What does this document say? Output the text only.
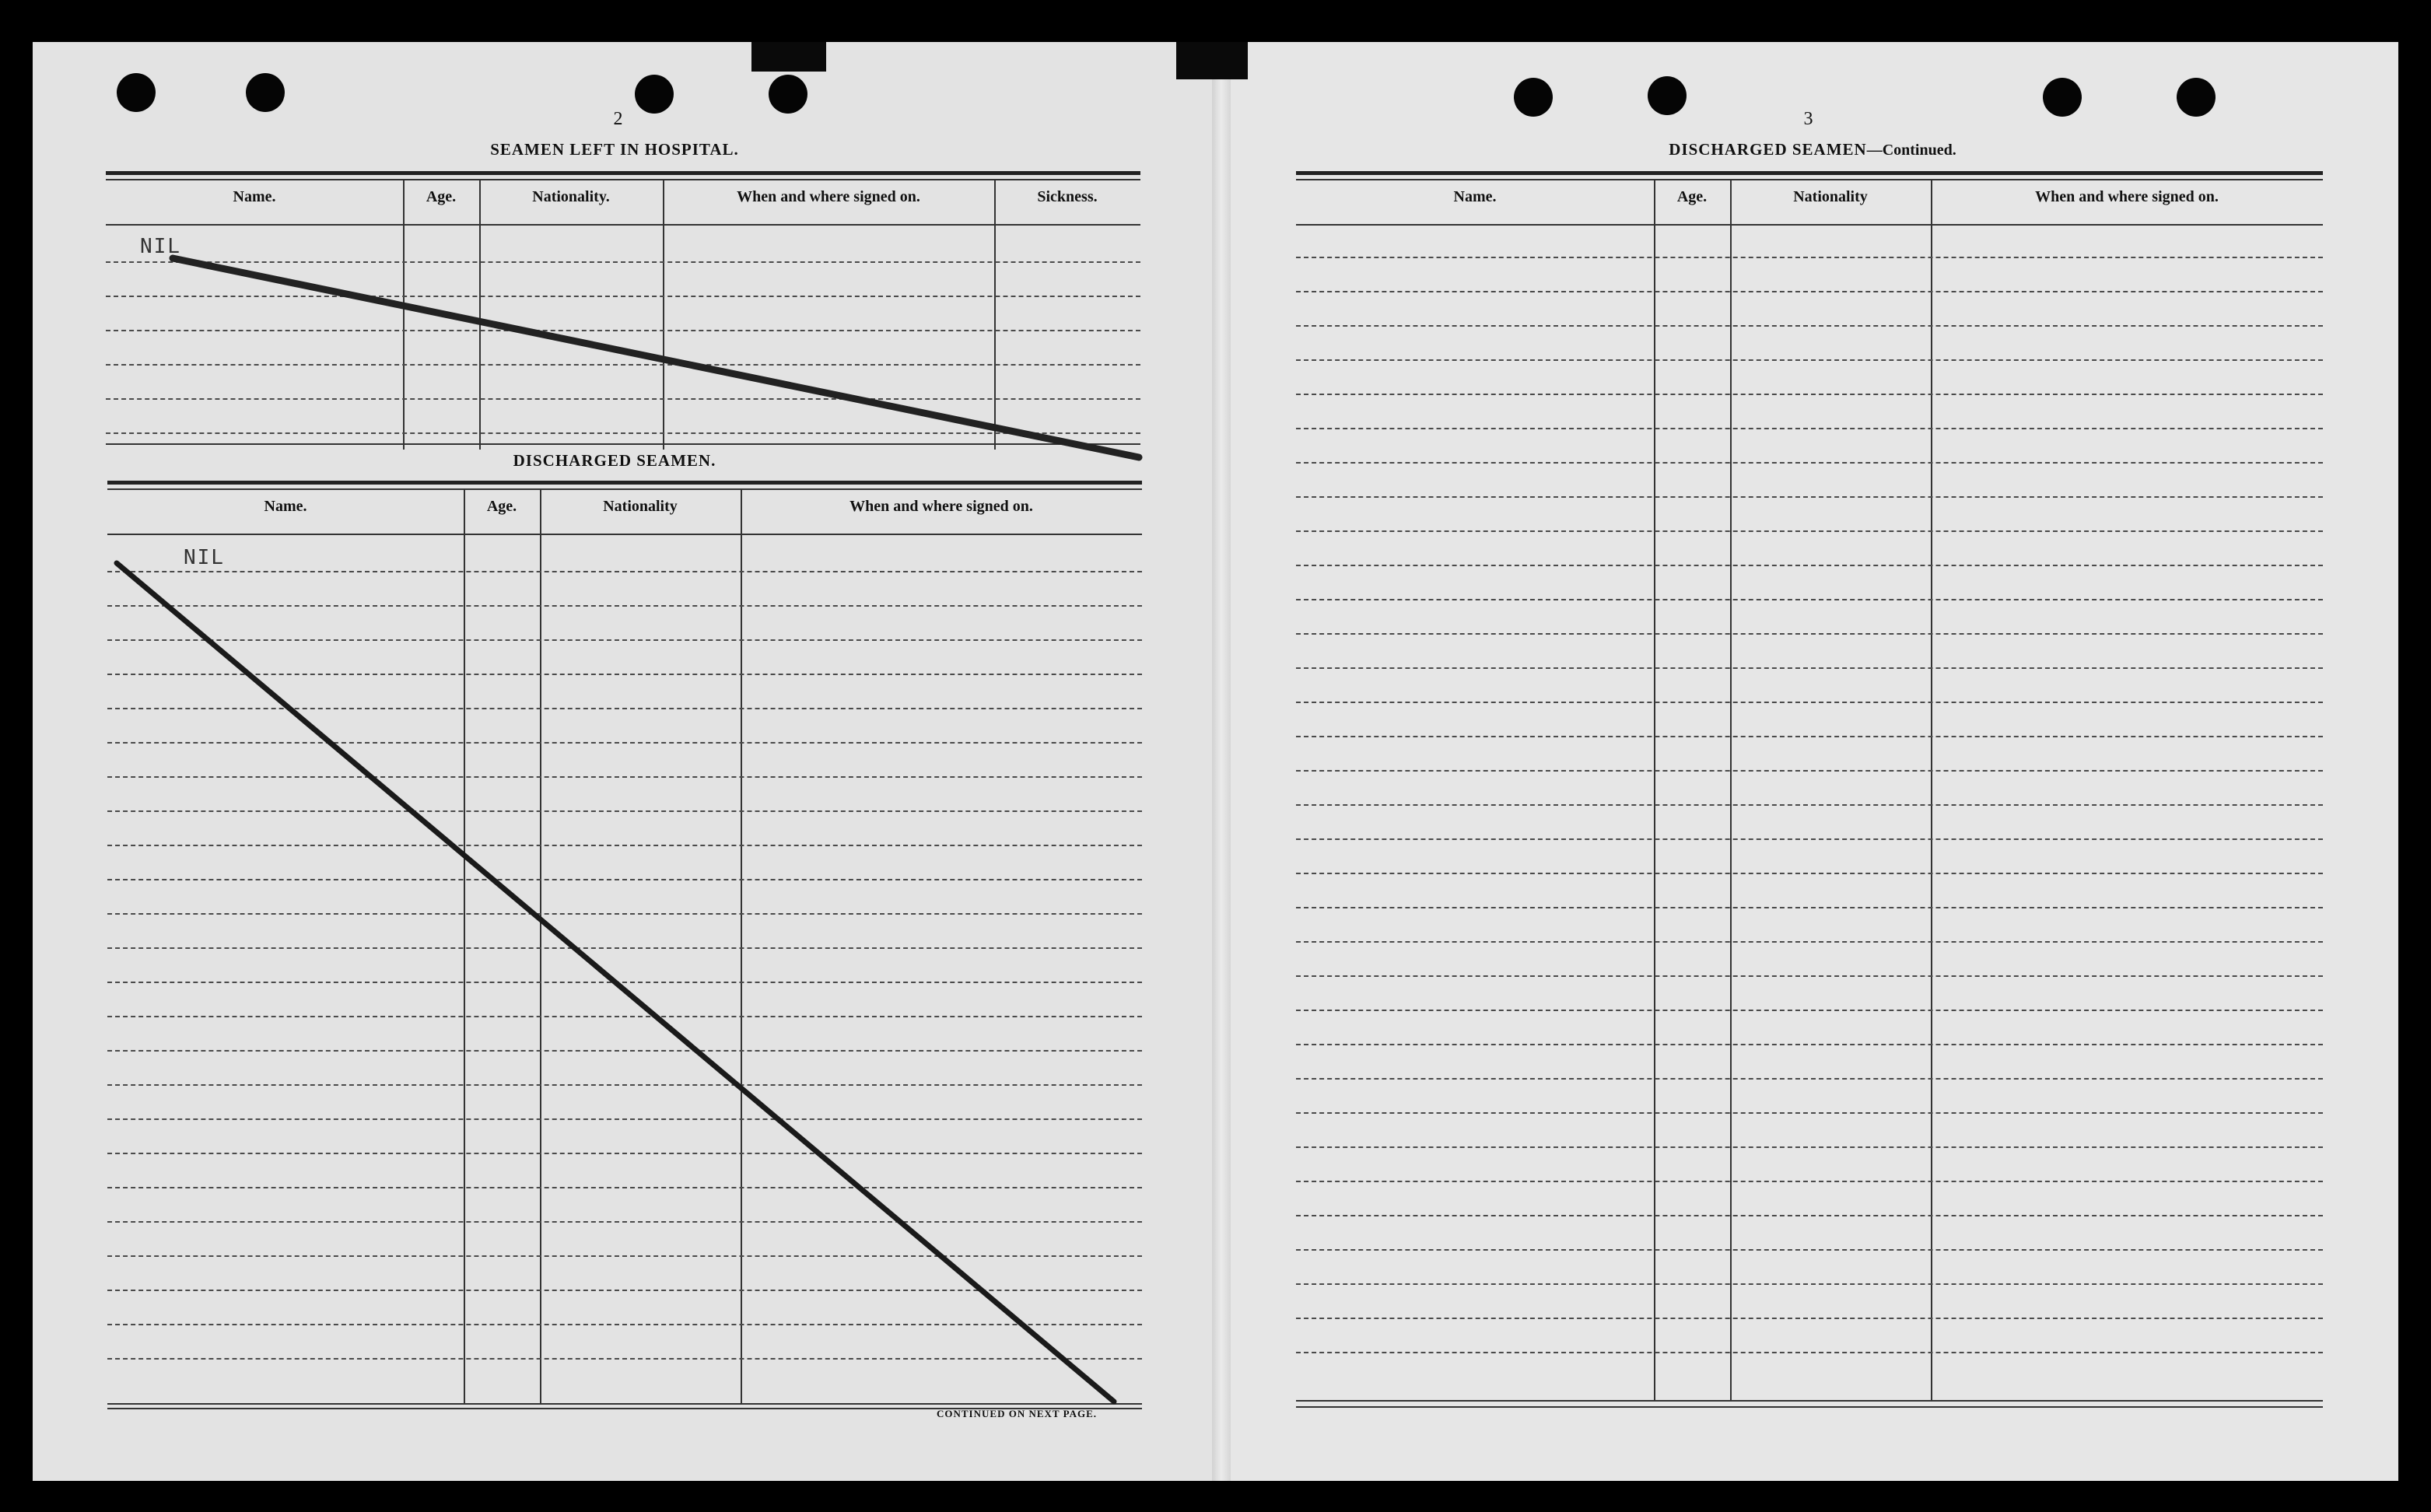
2
SEAMEN LEFT IN HOSPITAL.
Name.	Age.	Nationality.	When and where signed on.	Sickness.
NIL
DISCHARGED SEAMEN.
Name.	Age.	Nationality	When and where signed on.
NIL
CONTINUED ON NEXT PAGE.
3
DISCHARGED SEAMEN—Continued.
Name.	Age.	Nationality	When and where signed on.
